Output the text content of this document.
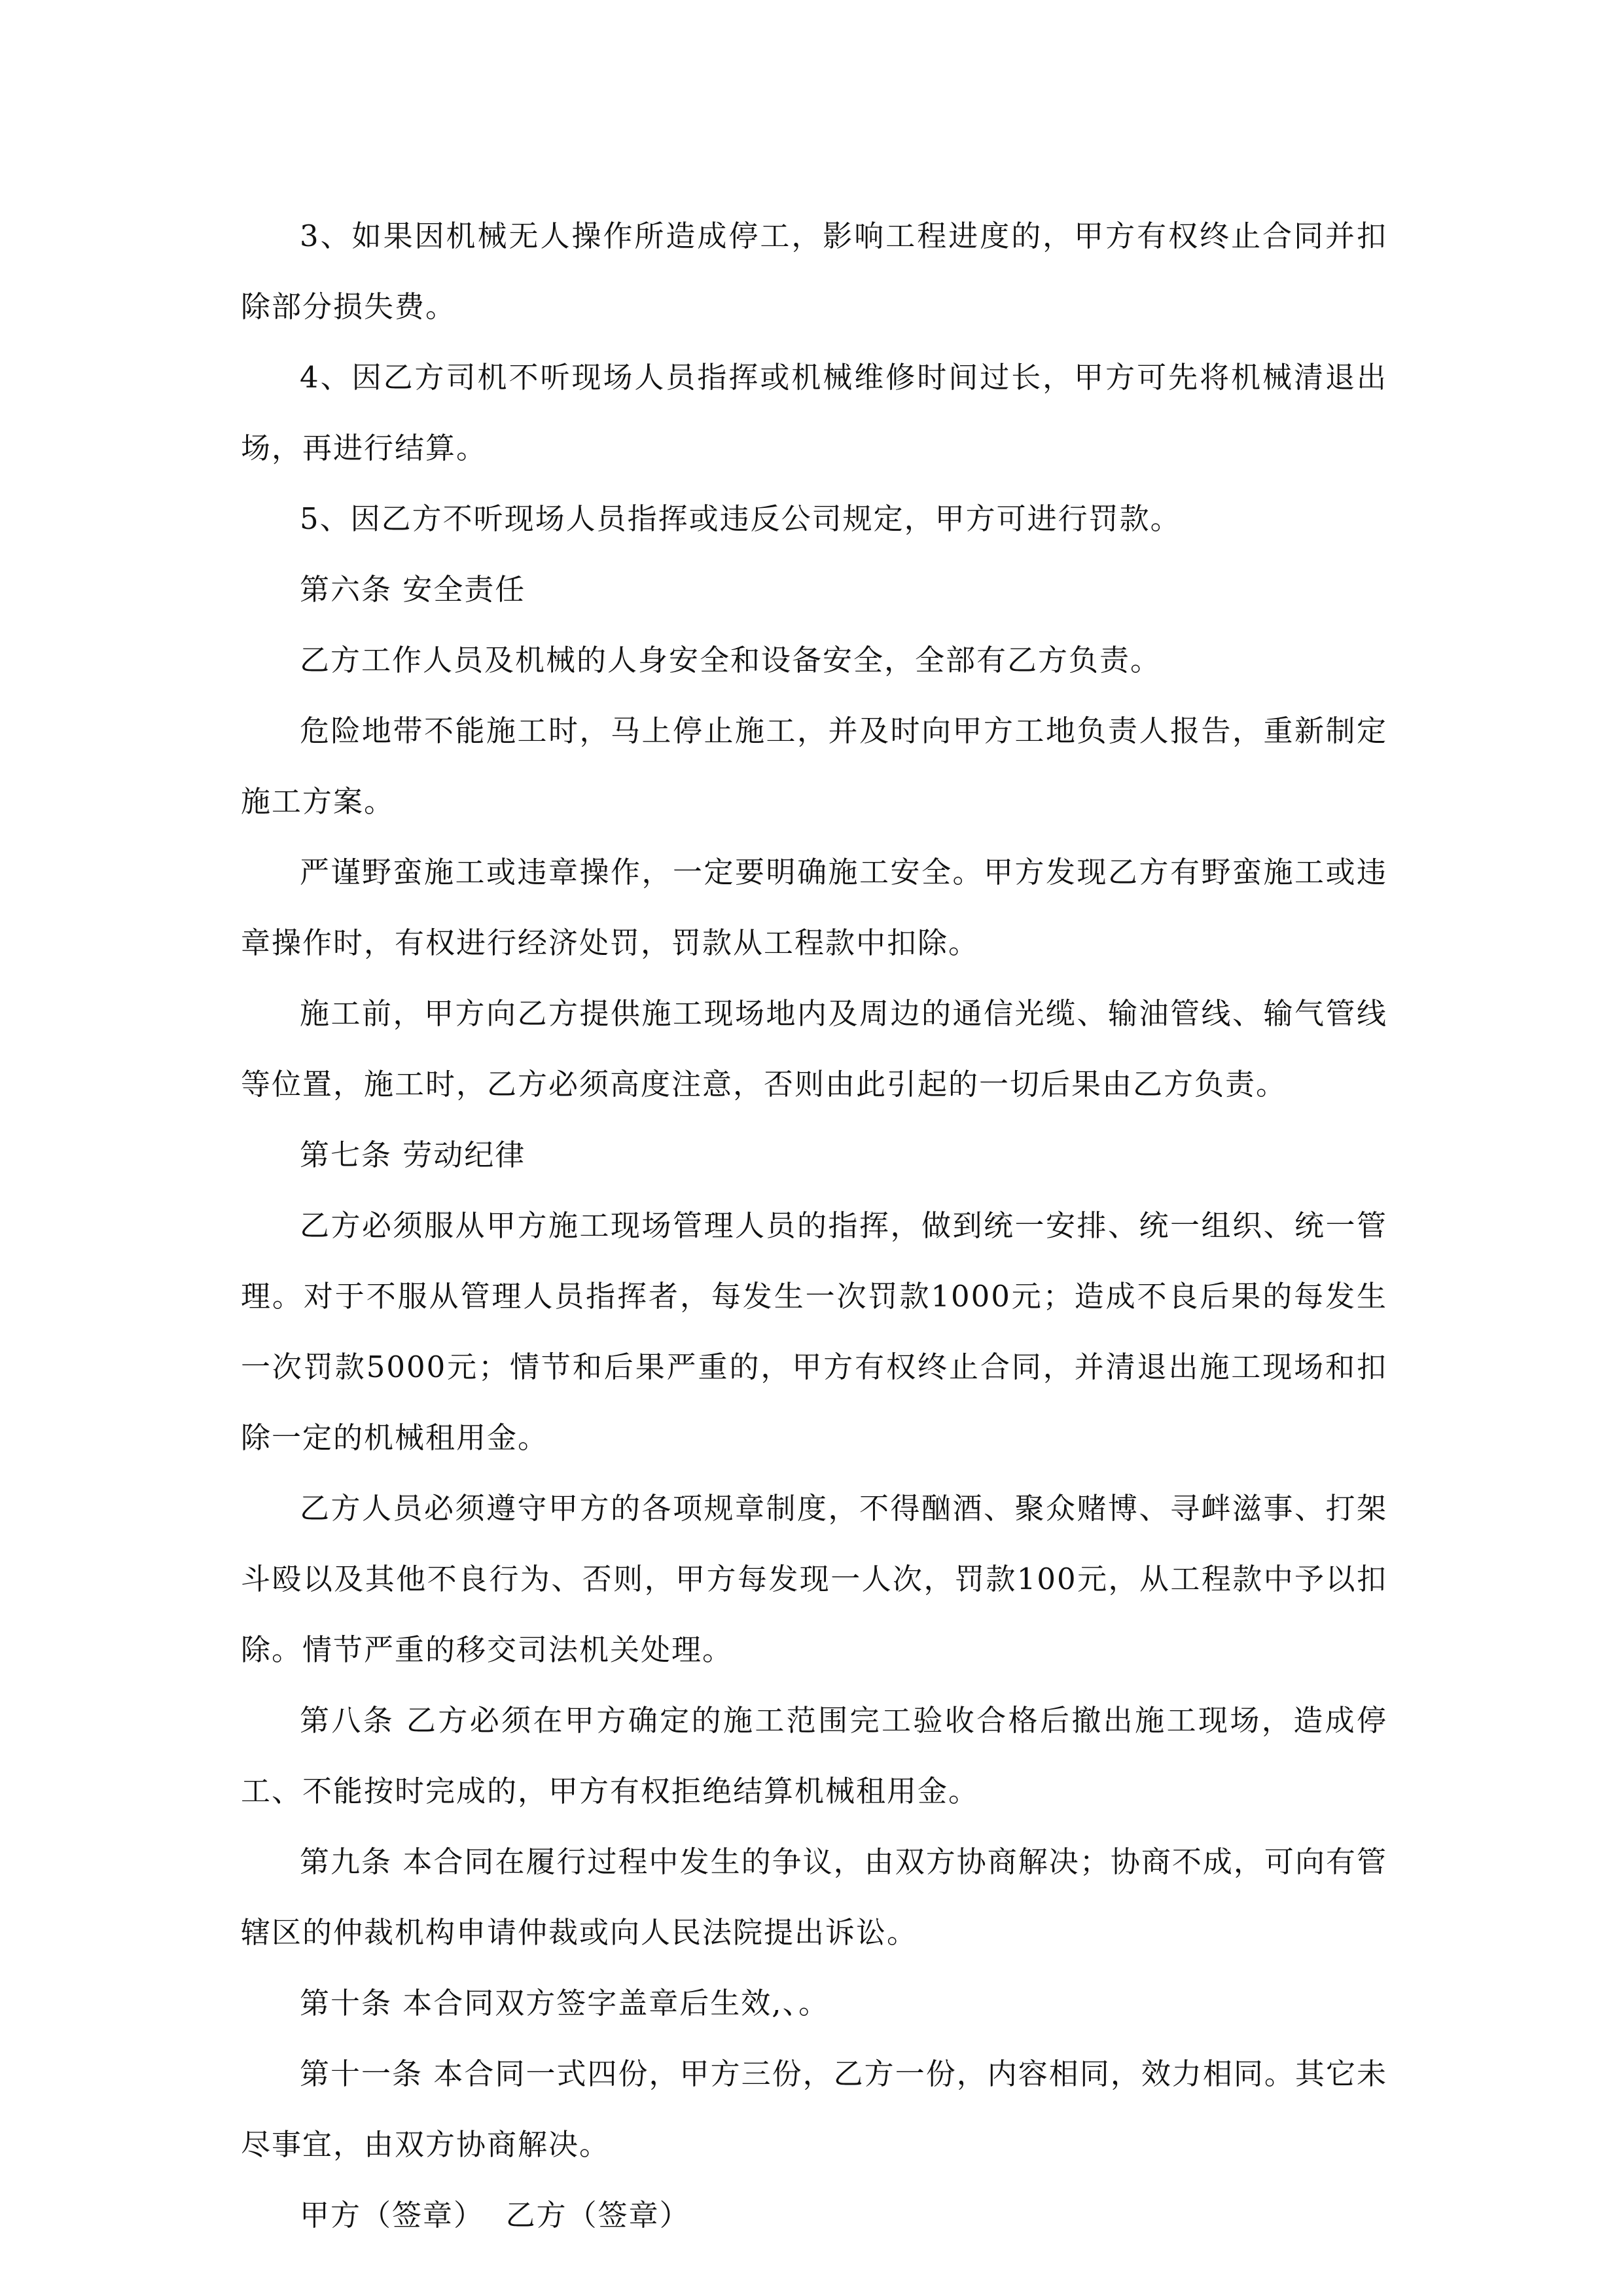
3、如果因机械无人操作所造成停工，影响工程进度的，甲方有权终止合同并扣除部分损失费。

4、因乙方司机不听现场人员指挥或机械维修时间过长，甲方可先将机械清退出场，再进行结算。

5、因乙方不听现场人员指挥或违反公司规定，甲方可进行罚款。

第六条 安全责任

乙方工作人员及机械的人身安全和设备安全，全部有乙方负责。

危险地带不能施工时，马上停止施工，并及时向甲方工地负责人报告，重新制定施工方案。

严谨野蛮施工或违章操作，一定要明确施工安全。甲方发现乙方有野蛮施工或违章操作时，有权进行经济处罚，罚款从工程款中扣除。

施工前，甲方向乙方提供施工现场地内及周边的通信光缆、输油管线、输气管线等位置，施工时，乙方必须高度注意，否则由此引起的一切后果由乙方负责。

第七条 劳动纪律

乙方必须服从甲方施工现场管理人员的指挥，做到统一安排、统一组织、统一管理。对于不服从管理人员指挥者，每发生一次罚款1000元；造成不良后果的每发生一次罚款5000元；情节和后果严重的，甲方有权终止合同，并清退出施工现场和扣除一定的机械租用金。

乙方人员必须遵守甲方的各项规章制度，不得酗酒、聚众赌博、寻衅滋事、打架斗殴以及其他不良行为、否则，甲方每发现一人次，罚款100元，从工程款中予以扣除。情节严重的移交司法机关处理。

第八条 乙方必须在甲方确定的施工范围完工验收合格后撤出施工现场，造成停工、不能按时完成的，甲方有权拒绝结算机械租用金。

第九条 本合同在履行过程中发生的争议，由双方协商解决；协商不成，可向有管辖区的仲裁机构申请仲裁或向人民法院提出诉讼。

第十条 本合同双方签字盖章后生效,、。

第十一条 本合同一式四份，甲方三份，乙方一份，内容相同，效力相同。其它未尽事宜，由双方协商解决。

甲方（签章） 乙方（签章）
